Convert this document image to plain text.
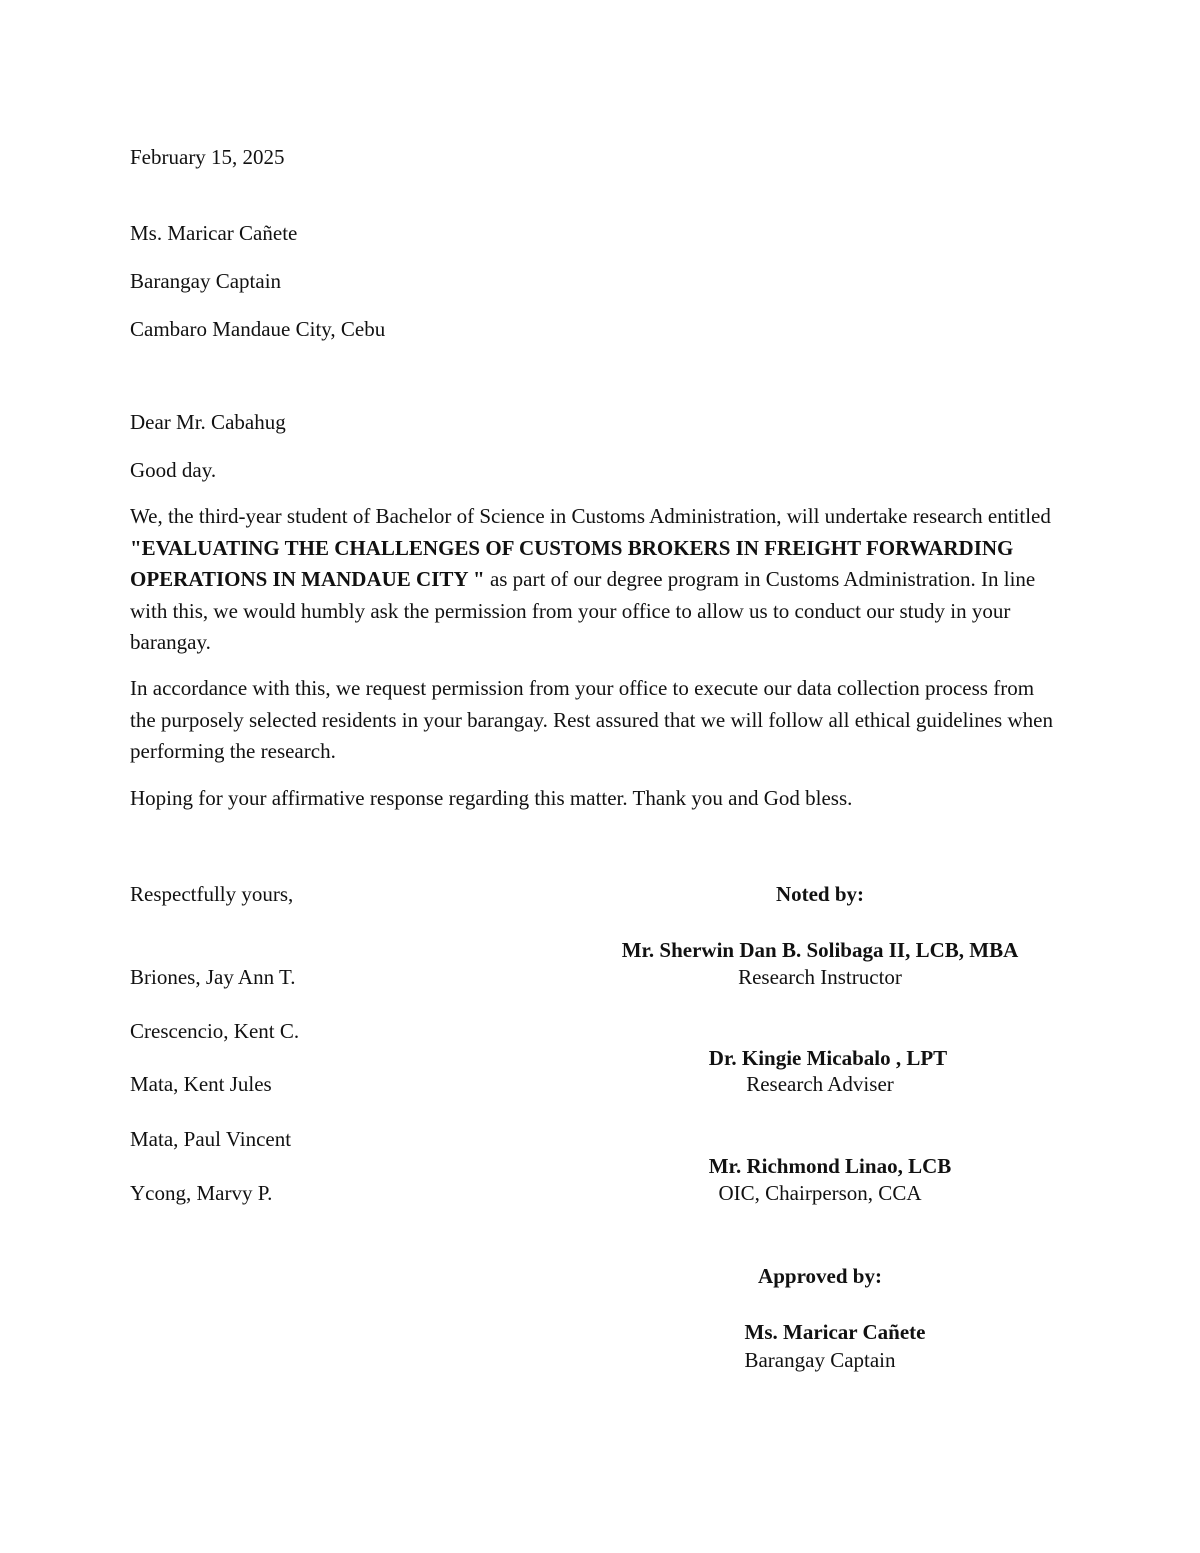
February 15, 2025
Ms. Maricar Cañete
Barangay Captain
Cambaro Mandaue City, Cebu
Dear Mr. Cabahug
Good day.
We, the third-year student of Bachelor of Science in Customs Administration, will undertake research entitled "EVALUATING THE CHALLENGES OF CUSTOMS BROKERS IN FREIGHT FORWARDING OPERATIONS IN MANDAUE CITY " as part of our degree program in Customs Administration. In line with this, we would humbly ask the permission from your office to allow us to conduct our study in your barangay.
In accordance with this, we request permission from your office to execute our data collection process from the purposely selected residents in your barangay. Rest assured that we will follow all ethical guidelines when performing the research.
Hoping for your affirmative response regarding this matter. Thank you and God bless.
Respectfully yours,
Briones, Jay Ann T.
Crescencio, Kent C.
Mata, Kent Jules
Mata, Paul Vincent
Ycong, Marvy P.
Noted by:
Mr. Sherwin Dan B. Solibaga II, LCB, MBA
Research Instructor
Dr. Kingie Micabalo , LPT
Research Adviser
Mr. Richmond Linao, LCB
OIC, Chairperson, CCA
Approved by:
Ms. Maricar Cañete
Barangay Captain
